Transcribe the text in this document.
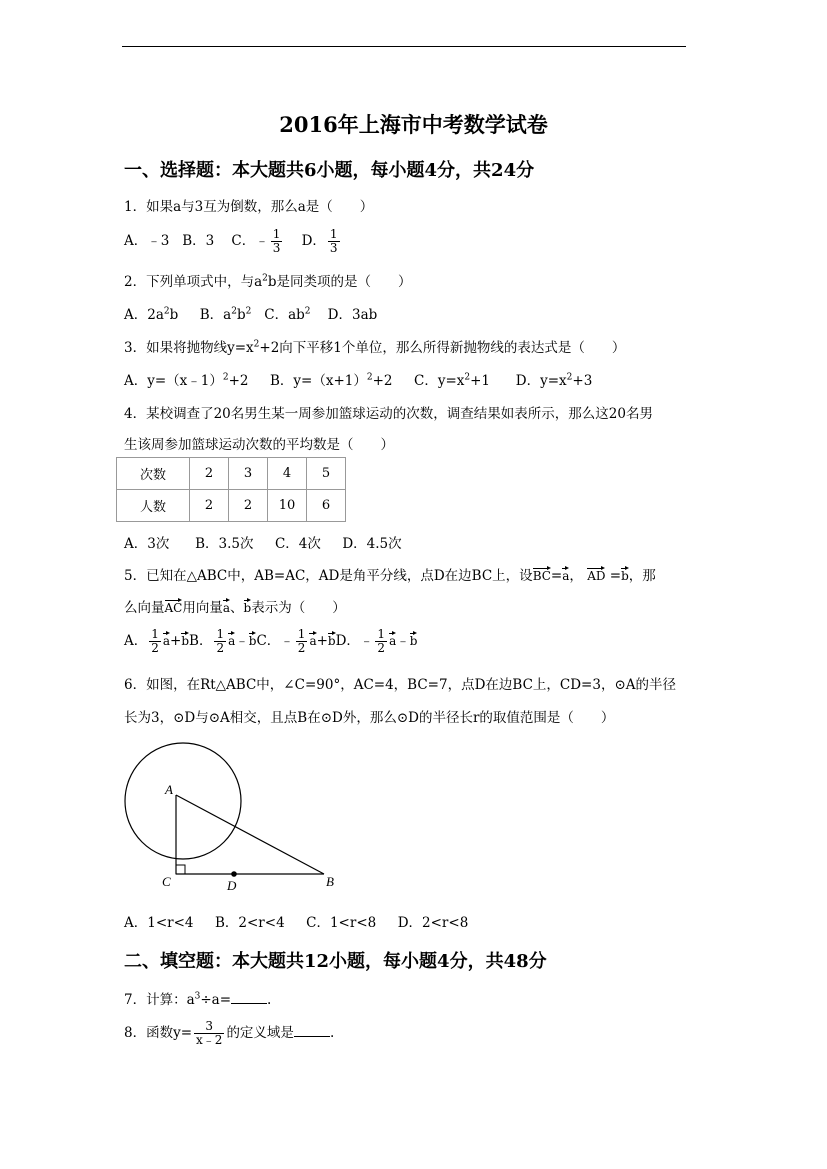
2016年上海市中考数学试卷
一、选择题：本大题共6小题，每小题4分，共24分
1．如果a与3互为倒数，那么a是（　　）
A．﹣3 B．3 C．﹣ $\frac{1}{3}$ D． $\frac{1}{3}$
2．下列单项式中，与$a^2b$是同类项的是（　　）
A．$2a^2b$ B．$a^2b^2$ C．$ab^2$ D．3ab
3．如果将抛物线$y=x^2+2$向下平移1个单位，那么所得新抛物线的表达式是（　　）
A．y=（x﹣1）$^2$+2 B．$y=(x+1)^2+2$ C．$y=x^2+1$ D．$y=x^2+3$
4．某校调查了20名男生某一周参加篮球运动的次数，调查结果如表所示，那么这20名男
生该周参加篮球运动次数的平均数是（　　）
次数	2	3	4	5
人数	2	2	10	6
A．3次 B．3.5次 C．4次 D．4.5次
5．已知在△ABC中，AB=AC，AD是角平分线，点D在边BC上，设BC=a， AD =b，那
么向量AC用向量a、b表示为（　　）
A． $\frac{1}{2} a+bB$． $\frac{1}{2}$ a﹣bC．﹣ $\frac{1}{2} a+bD$．﹣ $\frac{1}{2}$ a﹣b
6．如图，在Rt△ABC中，∠C=90°，AC=4，BC=7，点D在边BC上，CD=3，⊙A的半径
长为3，⊙D与⊙A相交，且点B在⊙D外，那么⊙D的半径长r的取值范围是（　　）
A
C	D	B
A．1<r<4 B．2<r<4 C．1<r<8 D．2<r<8
二、填空题：本大题共12小题，每小题4分，共48分
7．计算：$a^3\div a=$	.
8．函数$y= \frac{3}{x﹣2}$ 的定义域是	.
